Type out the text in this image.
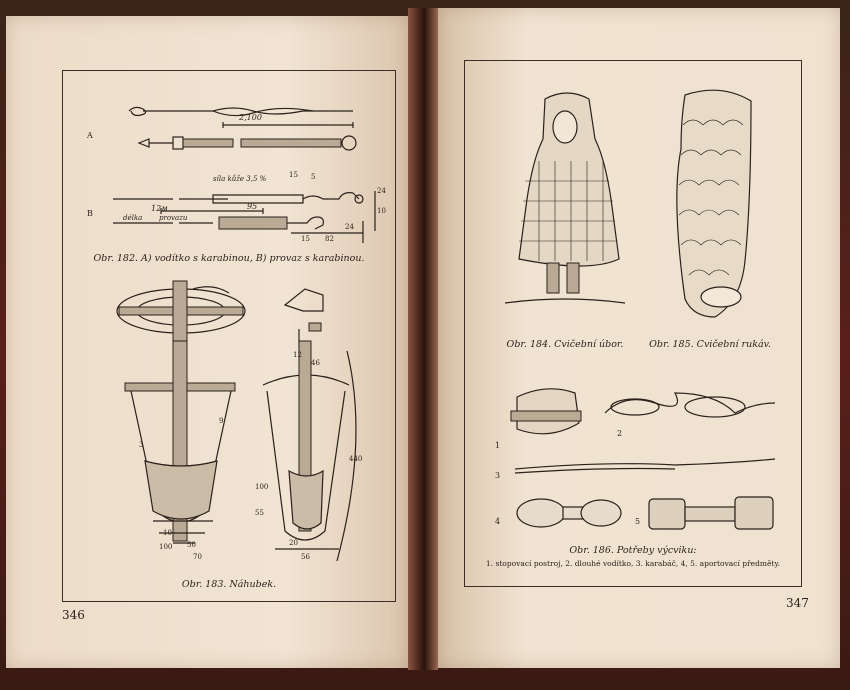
A
B
2,100
síla kůže 3,5 %	15 5
12м	95
délka provazu
82
15
24
24
10
Obr. 182. A) vodítko s karabinou, B) provaz s karabinou.
12
46
9
3
10
50
100
70
100
55
20
56
440
Obr. 183. Náhubek.
346
Obr. 184. Cvičební úbor.	Obr. 185. Cvičební rukáv.
1
2
3
4	5
Obr. 186. Potřeby výcviku:
1. stopovací postroj, 2. dlouhé vodítko, 3. karabáč, 4, 5. aportovací předměty.
347
